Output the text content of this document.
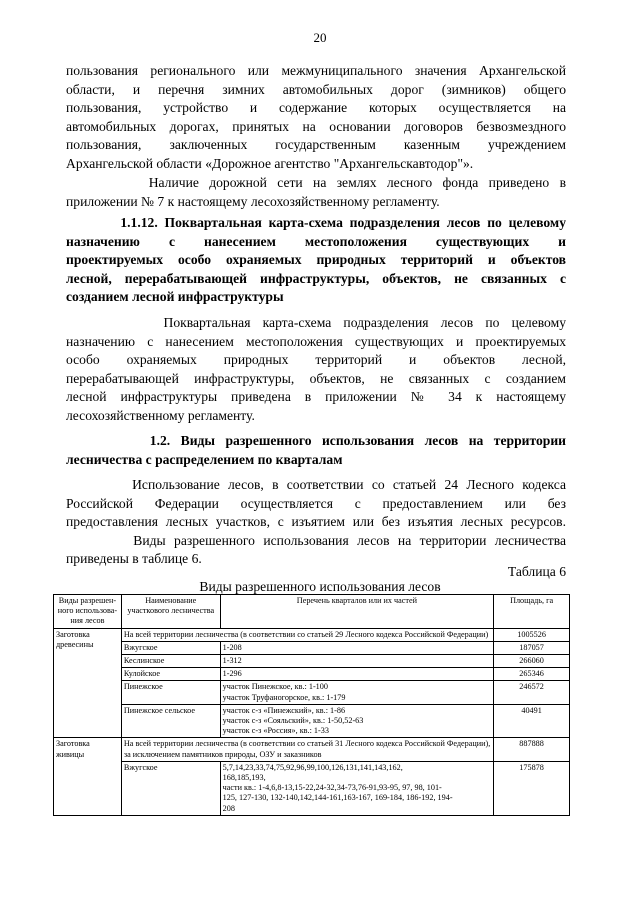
20
пользования регионального или межмуниципального значения Архангельской
области, и перечня зимних автомобильных дорог (зимников) общего
пользования, устройство и содержание которых осуществляется на
автомобильных дорогах, принятых на основании договоров безвозмездного
пользования, заключенных государственным казенным учреждением
Архангельской области «Дорожное агентство "Архангельскавтодор"».
Наличие дорожной сети на землях лесного фонда приведено в
приложении № 7 к настоящему лесохозяйственному регламенту.
1.1.12. Поквартальная карта-схема подразделения лесов по целевому
назначению с нанесением местоположения существующих и
проектируемых особо охраняемых природных территорий и объектов
лесной, перерабатывающей инфраструктуры, объектов, не связанных с
созданием лесной инфраструктуры
Поквартальная карта-схема подразделения лесов по целевому
назначению с нанесением местоположения существующих и проектируемых
особо охраняемых природных территорий и объектов лесной,
перерабатывающей инфраструктуры, объектов, не связанных с созданием
лесной инфраструктуры приведена в приложении № 34 к настоящему
лесохозяйственному регламенту.
1.2. Виды разрешенного использования лесов на территории
лесничества с распределением по кварталам
Использование лесов, в соответствии со статьей 24 Лесного кодекса
Российской Федерации осуществляется с предоставлением или без
предоставления лесных участков, с изъятием или без изъятия лесных ресурсов.
Виды разрешенного использования лесов на территории лесничества
приведены в таблице 6.
Таблица 6
Виды разрешенного использования лесов
Виды разрешен-ного использова-ния лесов	Наименование участкового лесничества	Перечень кварталов или их частей	Площадь, га
Заготовка древесины	На всей территории лесничества (в соответствии со статьей 29 Лесного кодекса Российской Федерации)		1005526
	Вжугское	1-208	187057
	Кеслинское	1-312	266060
	Кулойское	1-296	265346
	Пинежское	участок Пинежское, кв.: 1-100
участок Труфаногорское, кв.: 1-179	246572
	Пинежское сельское	участок с-з «Пинежский», кв.: 1-86
участок с-з «Сояльский», кв.: 1-50,52-63
участок с-з «Россия», кв.: 1-33	40491
Заготовка живицы	На всей территории лесничества (в соответствии со статьей 31 Лесного кодекса Российской Федерации), за исключением памятников природы, ОЗУ и заказников		887888
	Вжугское	5,7,14,23,33,74,75,92,96,99,100,126,131,141,143,162,
168,185,193,
части кв.: 1-4,6,8-13,15-22,24-32,34-73,76-91,93-95, 97, 98, 101-
125, 127-130, 132-140,142,144-161,163-167, 169-184, 186-192, 194-
208	175878
